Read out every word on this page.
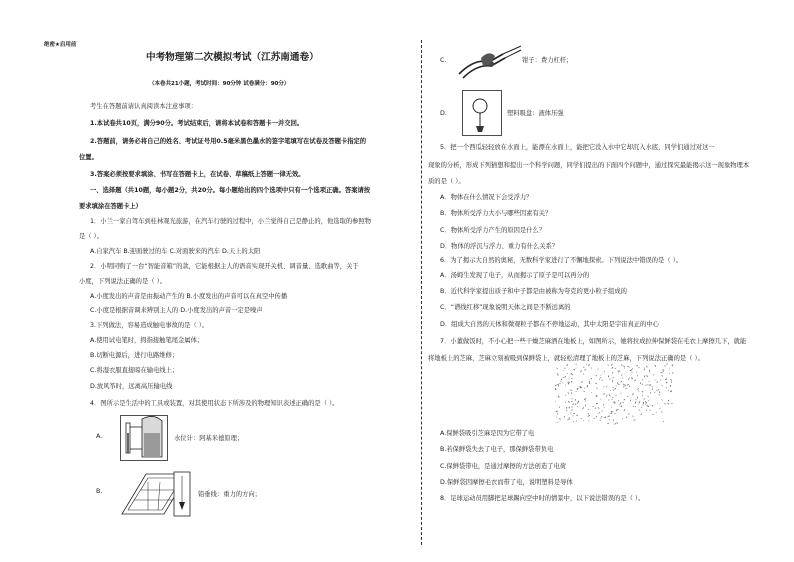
绝密★启用前
中考物理第二次模拟考试（江苏南通卷）
（本卷共21小题，考试时间：90分钟 试卷满分：90分）
考生在答题前请认真阅读本注意事项：
1.本试卷共10页，满分90分。考试结束后，请将本试卷和答题卡一并交回。
2.答题前，请务必将自己的姓名、考试证号用0.5毫米黑色墨水的签字笔填写在试卷及答题卡指定的
位置。
3.答案必须按要求填涂、书写在答题卡上，在试卷、草稿纸上答题一律无效。
一、选择题（共10题，每小题2分，共20分。每小题给出的四个选项中只有一个选项正确。答案请按
要求填涂在答题卡上）
1．小兰一家自驾车到桂林观光旅游，在汽车行驶的过程中，小兰觉得自己是静止的，他选取的参照物
是（ ）。
A.自家汽车 B.迎面驶过的车 C.对面驶来的汽车 D.天上的太阳
2．小明同购了一台“智能音箱”的款，它能根据主人的语音实现开关机、调音量、选歌曲等，关于
小度，下列说法正确的是（ ）。
A.小度发出的声音是由振动产生的 B.小度发出的声音可以在真空中传播
C.小度是根据音调来辨别主人的 D.小度发出的声音一定是噪声
3.下列做法，容易造成触电事故的是（ ）。
A.使用试电笔时，拇指接触笔尾金属体；
B.切断电源后，进行电路维修；
C.将湿衣服直接晾在输电线上；
D.放风筝时，远离高压输电线
4．图所示是生活中的工具或装置，对其使用状态下所涉及的物理知识表述正确的是（ ）。
A.	水位计：阿基米德原理；
B.	铅垂线：重力的方向；
C.	钳子：费力杠杆；
D.	塑料吸盘：液体压强
5．把一个西瓜轻轻放在水面上，能漂在水面上，能把它没入水中它却沉入水底，同学们通过对这一
现象的分析，形成下列猜想和提出一个科学问题，同学们提出的下面四个问题中，通过探究最能揭示这一现象物理本
质的是（ ）。
A．物体在什么情况下会受浮力？
B．物体所受浮力大小与哪些因素有关？
C．物体所受浮力产生的原因是什么？
D．物体的浮沉与浮力、重力有什么关系？
6．为了揭示大自然的奥秘，无数科学家进行了不懈地探索。下列说法中错误的是（ ）。
A．汤姆生发现了电子，从而揭示了原子是可以再分的
B．近代科学家提出质子和中子都是由被称为夸克的更小粒子组成的
C．“谱线红移”现象说明天体之间是不断远离的
D．组成大自然的天体和微观粒子都在不停地运动，其中太阳是宇宙真正的中心
7．小董做饭时，不小心把一些干燥芝麻洒在地板上，如图所示，她将拉成拉伸保鲜袋在毛衣上摩擦几下，就能
将地板上的芝麻，芝麻立刻被吸到保鲜袋上，就轻松清理了地板上的芝麻，下列说法正确的是（ ）。
A.保鲜袋吸引芝麻是因为它带了电
B.若保鲜袋失去了电子，那保鲜袋带负电
C.保鲜袋带电，是通过摩擦的方法创造了电荷
D.保鲜袋因摩擦毛衣而带了电，说明塑料是导体
8．足球运动员用脚把足球踢向空中时的情景中，以下说法错误的是（ ）。
